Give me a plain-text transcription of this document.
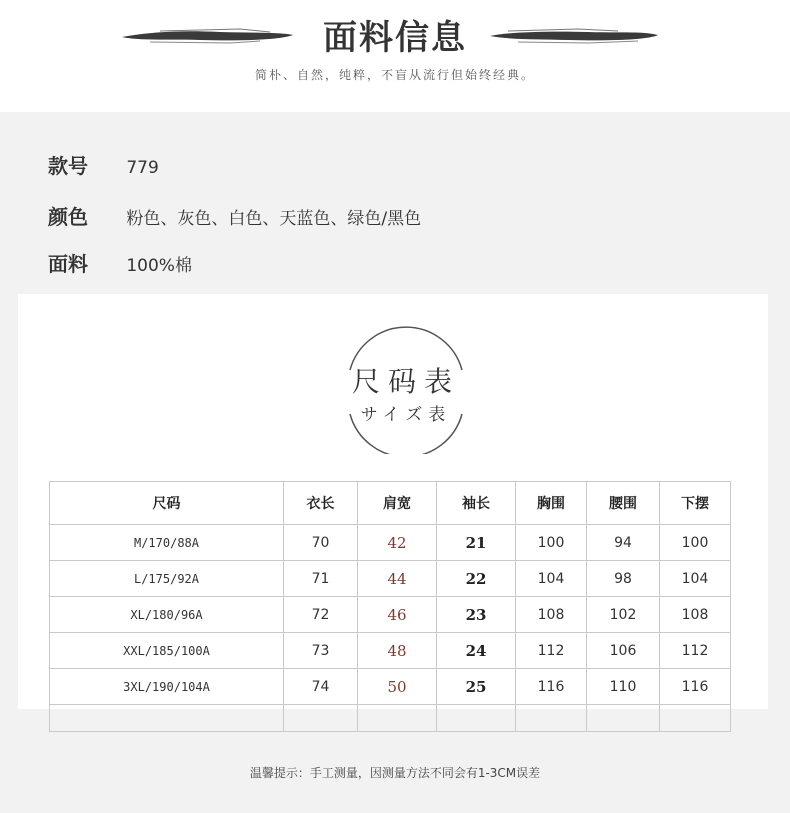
面料信息
简朴、自然，纯粹，不盲从流行但始终经典。
款号 779
颜色 粉色、灰色、白色、天蓝色、绿色/黑色
面料 100%棉
尺码表
サイズ表
尺码	衣长	肩宽	袖长	胸围	腰围	下摆
M/170/88A	70	42	21	100	94	100
L/175/92A	71	44	22	104	98	104
XL/180/96A	72	46	23	108	102	108
XXL/185/100A	73	48	24	112	106	112
3XL/190/104A	74	50	25	116	110	116

温馨提示：手工测量，因测量方法不同会有1-3CM误差
